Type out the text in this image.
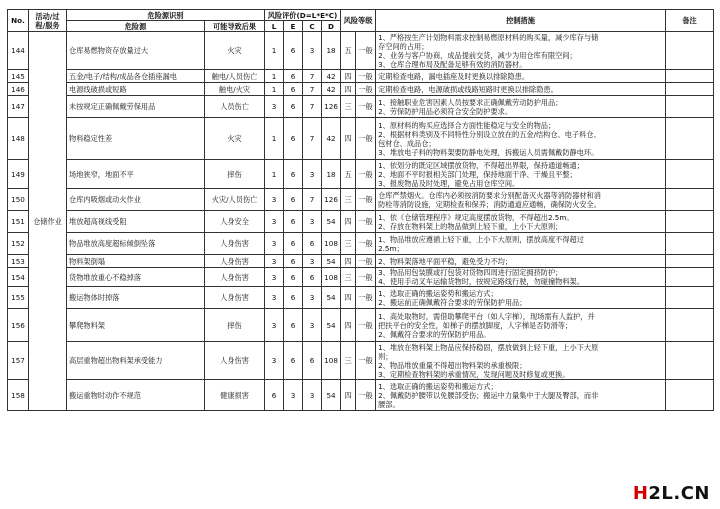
No.	活动/过程/服务	危险源识别		风险评价(D=L*E*C)				风险等级		控制措施	备注
		危险源	可能导致后果	L	E	C	D				
144	仓储作业	仓库易燃物资存放量过大	火灾	1	6	3	18	五	一般	1、严格按生产计划物料需求控制易燃原材料的购买量，减少库存与储
存空间的占用；
2、业务与客户协商，成品提前交货，减少为用仓库有限空间；
3、仓库合理布局及配备足够有效的消防器材。	

145		五金/电子/结构/成品各仓插座漏电	触电/人员伤亡	1	6	7	42	四	一般	定期检查电路，漏电插座及时更换以排除隐患。	

146		电源线破损或短路	触电/火灾	1	6	7	42	四	一般	定期检查电路，电源破损或线路短路时更换以排除隐患。	

147		未按规定正确佩戴劳保用品	人员伤亡	3	6	7	126	三	一般	1、接触职业危害因素人员按要求正确佩戴劳动防护用品；
2、劳保防护用品必须符合安全防护要求。	

148		物料稳定性差	火灾	1	6	7	42	四	一般	1、原材料的购买应选择合方面性能稳定与安全的物品；
2、根据材料类别及不同特性分别设立放在的五金/结构仓、电子料仓、
包材仓、成品仓；
3、堆放电子料的物料架要防静电处理，拆搬运人员需佩戴防静电环。	

149		场地狭窄，地面不平	摔伤	1	6	3	18	五	一般	1、依划分的既定区域摆放货物，不得超出界限，保持通道畅通；
2、地面不平时报相关部门处理，保持地面干净、干燥且平整；
3、报废物品及时处理，避免占用仓库空间。	

150		仓库内吸烟或动火作业	火灾/人员伤亡	3	6	7	126	三	一般	仓库严禁烟火。仓库内必须按消防要求分别配备灭火器等消防器材和消
防栓等消防设施，定期检查和保养；消防通道应通畅，确保防火安全。	

151		堆放超高视线受阻	人身安全	3	6	3	54	四	一般	1、依《仓储管理程序》规定高度摆放货物，不得超出2.5m。
2、存放在物料架上的物品做到上轻下重，上小下大原则；	

152		物品堆放高度超标倾倒坠落	人身伤害	3	6	6	108	三	一般	1、物品堆放应遵循上轻下重，上小下大原则，摆放高度不得超过
2.5m；	

153		物料架倒塌	人身伤害	3	6	3	54	四	一般	2、物料架落地平面平稳，避免受力不均；	

154		货物堆放重心不稳掉落	人身伤害	3	6	6	108	三	一般	3、物品用包装膜或打包袋对货物四周进行固定拥挤防护；
4、使用手动叉车运输货物时，按规定路线行驶，勿碰撞物料架。	

155		搬运物体时掉落	人身伤害	3	6	3	54	四	一般	1、选取正确的搬运姿势和搬运方式；
2、搬运前正确佩戴符合要求的劳保防护用品；	

156		攀爬物料架	摔伤	3	6	3	54	四	一般	1、高处取物时，需借助攀爬平台（如人字梯），现场需有人监护，并
把扶平台的安全性，如梯子的摆放脚度，人字梯是否防滑等；
2、佩戴符合要求的劳保防护用品。	

157		高层重物超出物料架承受能力	人身伤害	3	6	6	108	三	一般	1、堆放在物料架上物品应保持稳固，摆放做到上轻下重，上小下大原
则；
2、物品堆放重量不得超出物料架的承重极限；
3、定期检查物料架的承重情况，发现问题及时修复或更换。	

158		搬运重物时动作不规范	健康损害	6	3	3	54	四	一般	1、选取正确的搬运姿势和搬运方式；
2、佩戴防护腰带以免腰部受伤；搬运中力量集中于大腿及臀部，而非
腰部。	

H2L.CN
